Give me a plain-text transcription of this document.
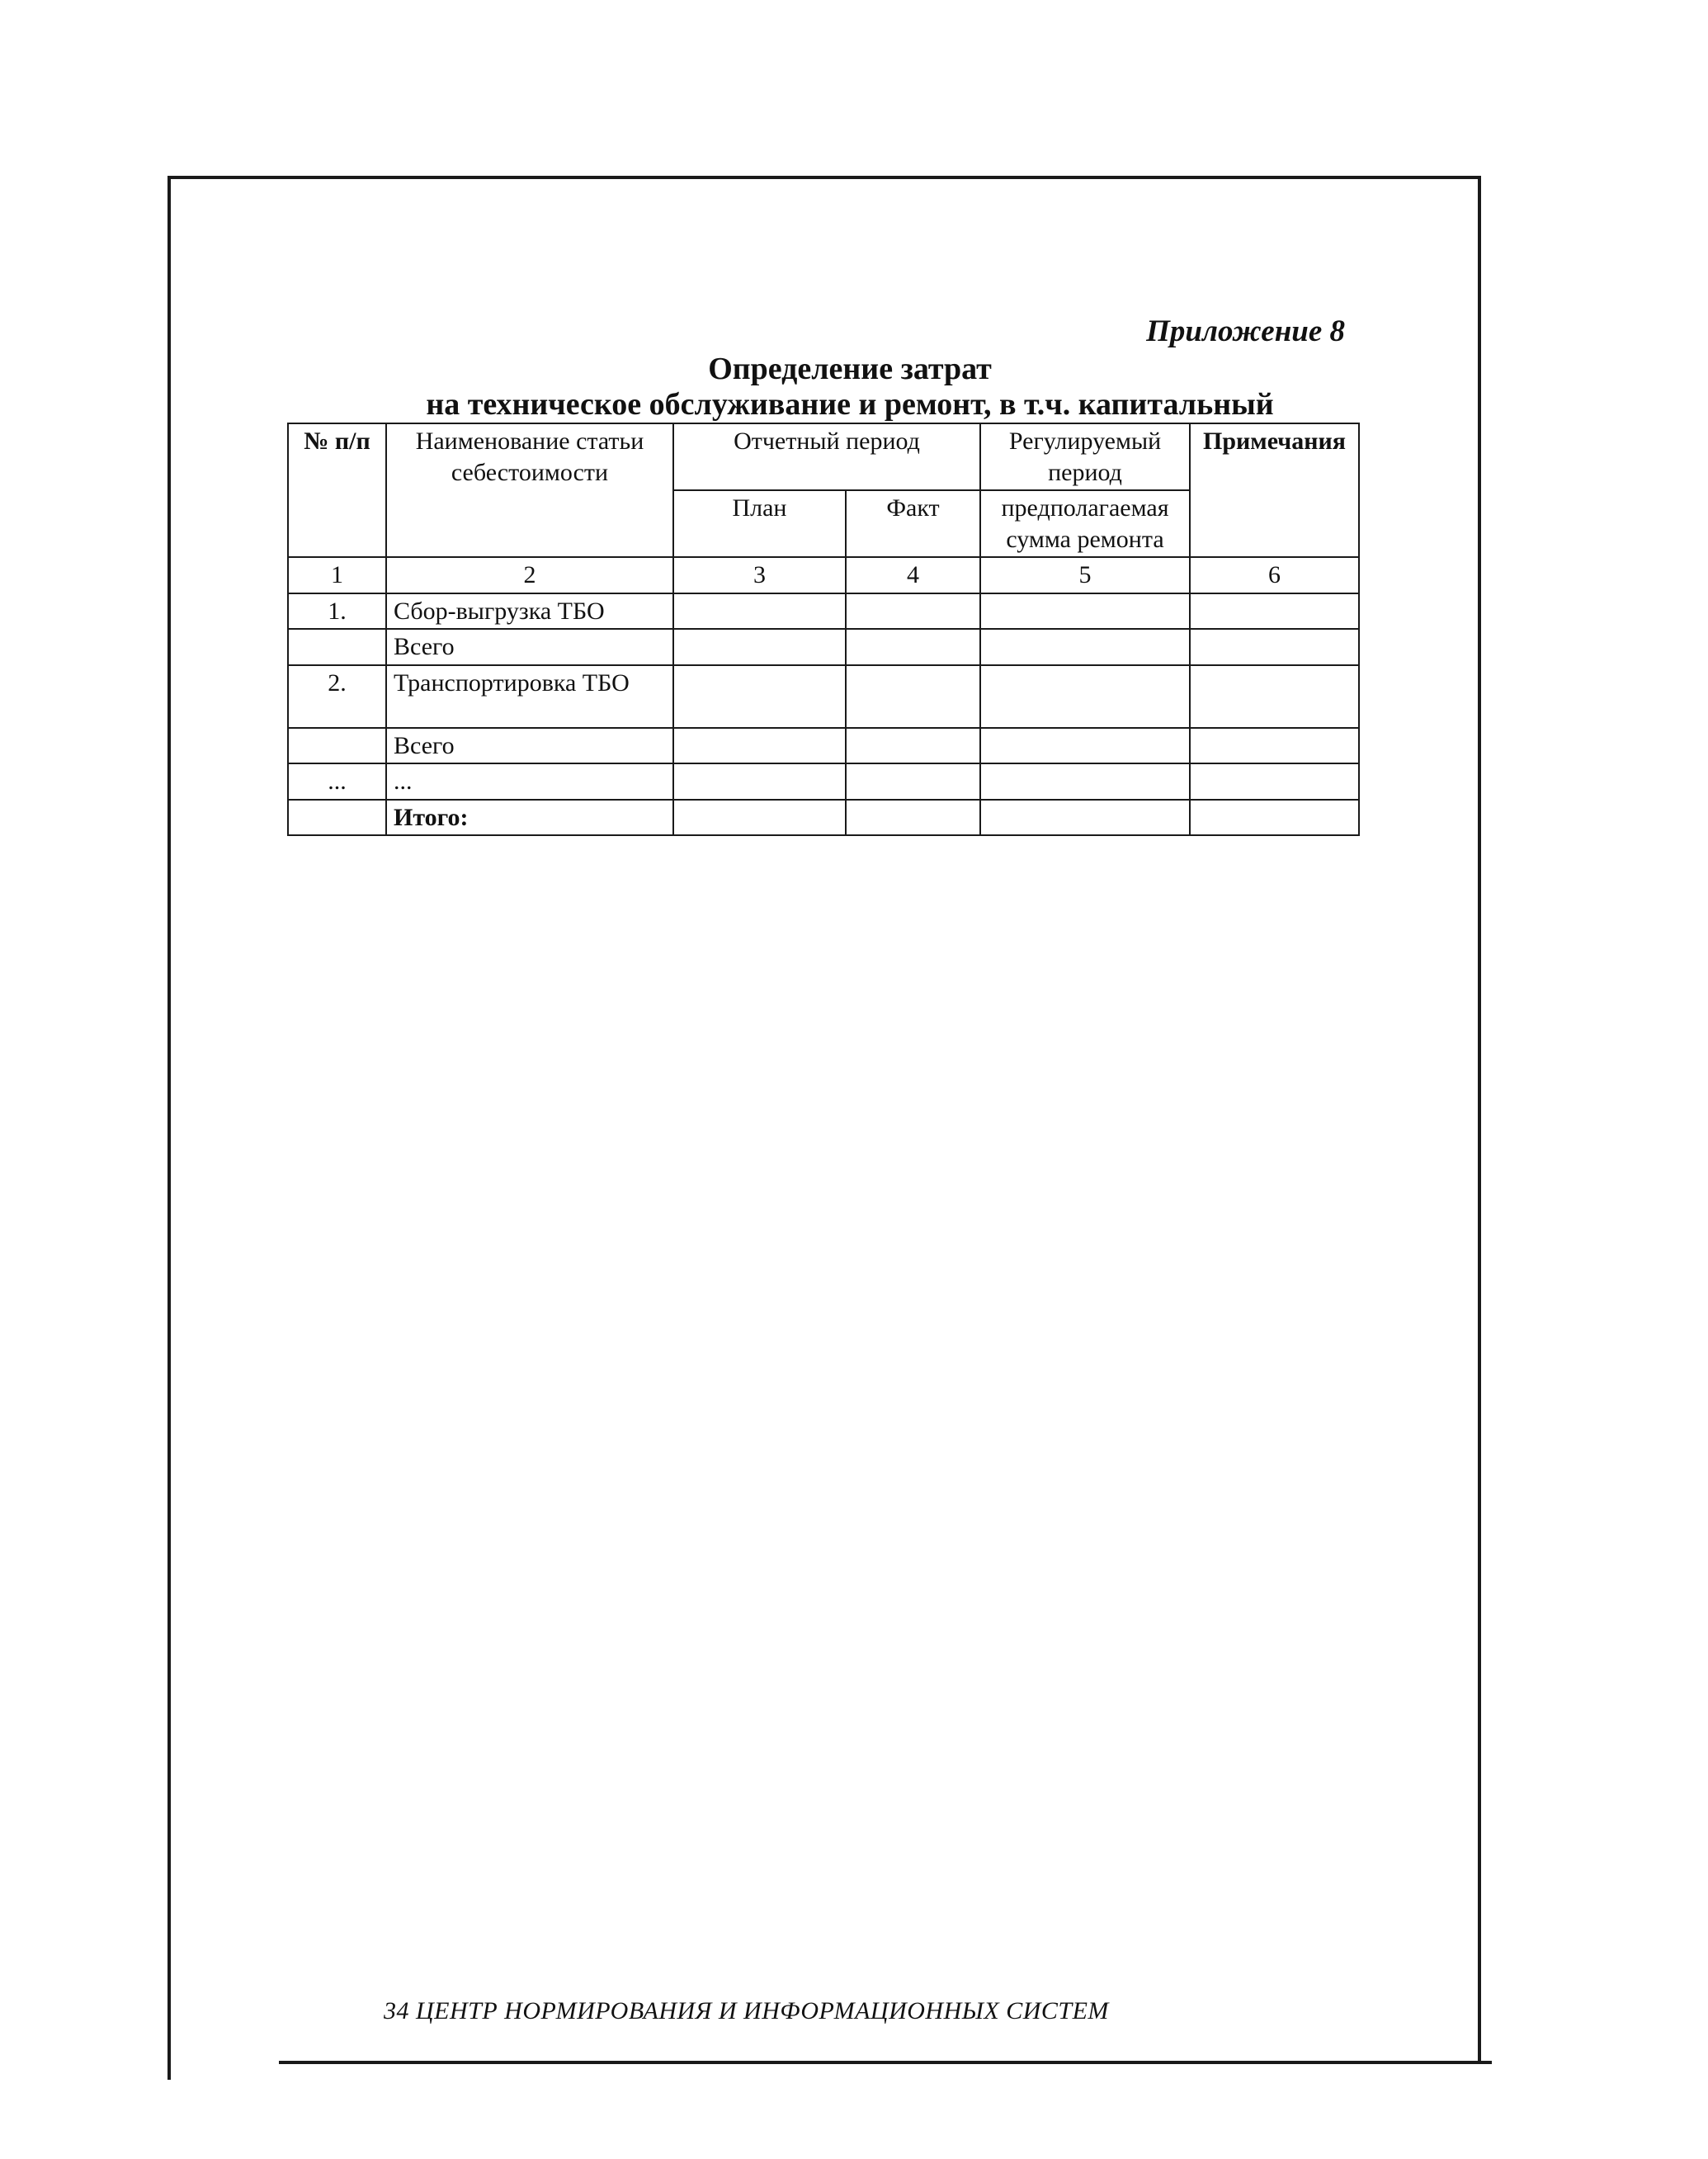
Приложение 8
Определение затрат
на техническое обслуживание и ремонт, в т.ч. капитальный
№ п/п	Наименование статьи себестоимости	Отчетный период		Регулируемый период	Примечания
		План	Факт	предполагаемая сумма ремонта	
1	2	3	4	5	6
1.	Сбор-выгрузка ТБО				
	Всего				
2.	Транспортировка ТБО				
	Всего				
...	...				
	Итого:				
34 ЦЕНТР НОРМИРОВАНИЯ И ИНФОРМАЦИОННЫХ СИСТЕМ
